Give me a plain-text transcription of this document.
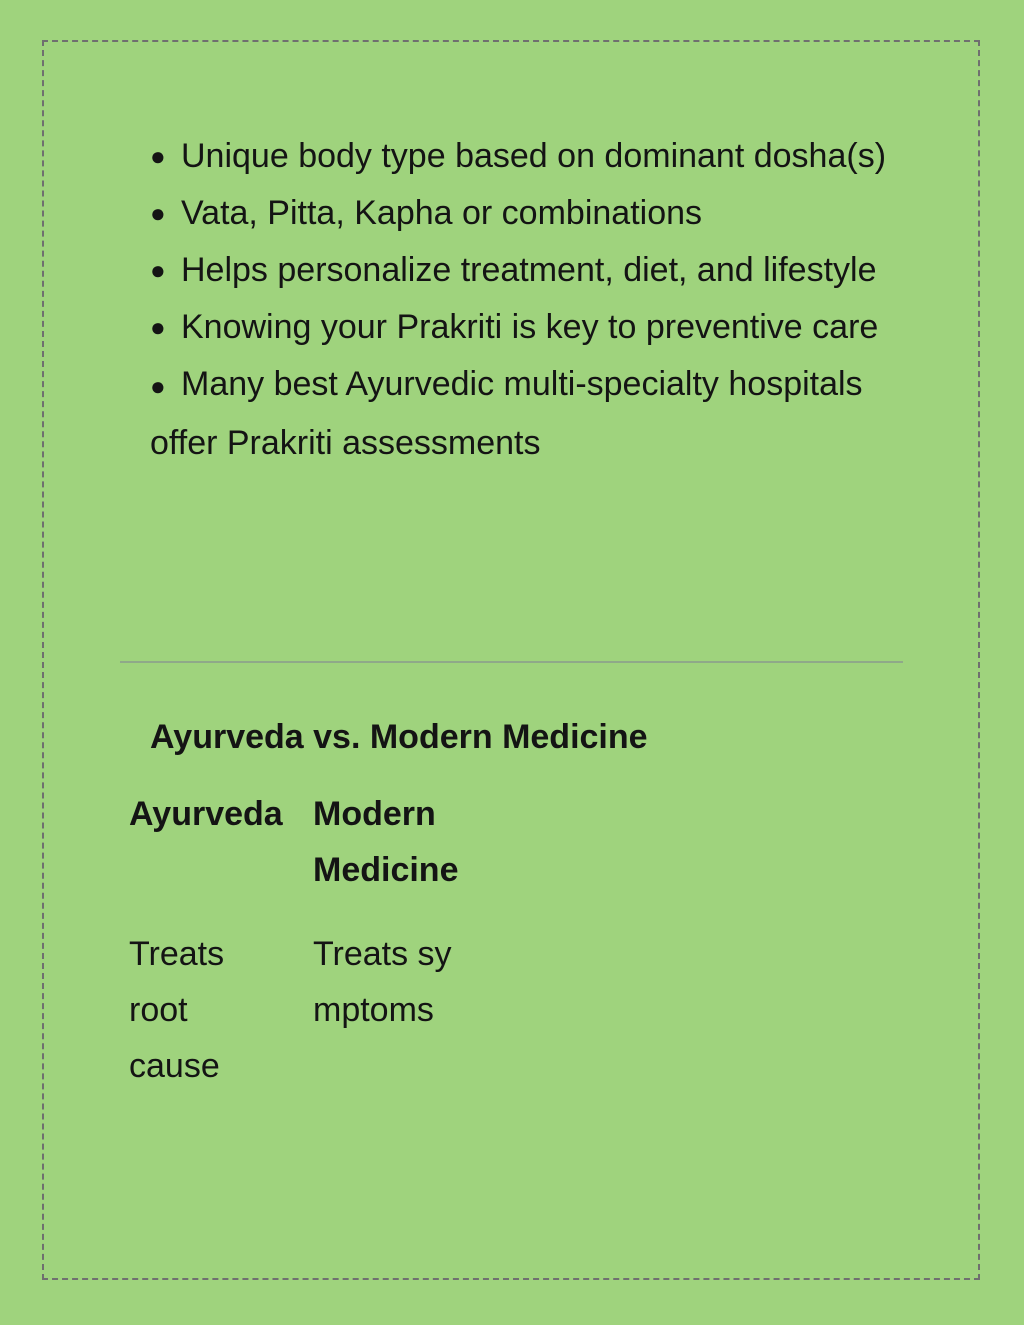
● Unique body type based on dominant dosha(s)
● Vata, Pitta, Kapha or combinations
● Helps personalize treatment, diet, and lifestyle
● Knowing your Prakriti is key to preventive care
● Many best Ayurvedic multi-specialty hospitals offer Prakriti assessments
Ayurveda vs. Modern Medicine
Ayurveda	Modern Medicine

Treats root cause	Treats symptoms
